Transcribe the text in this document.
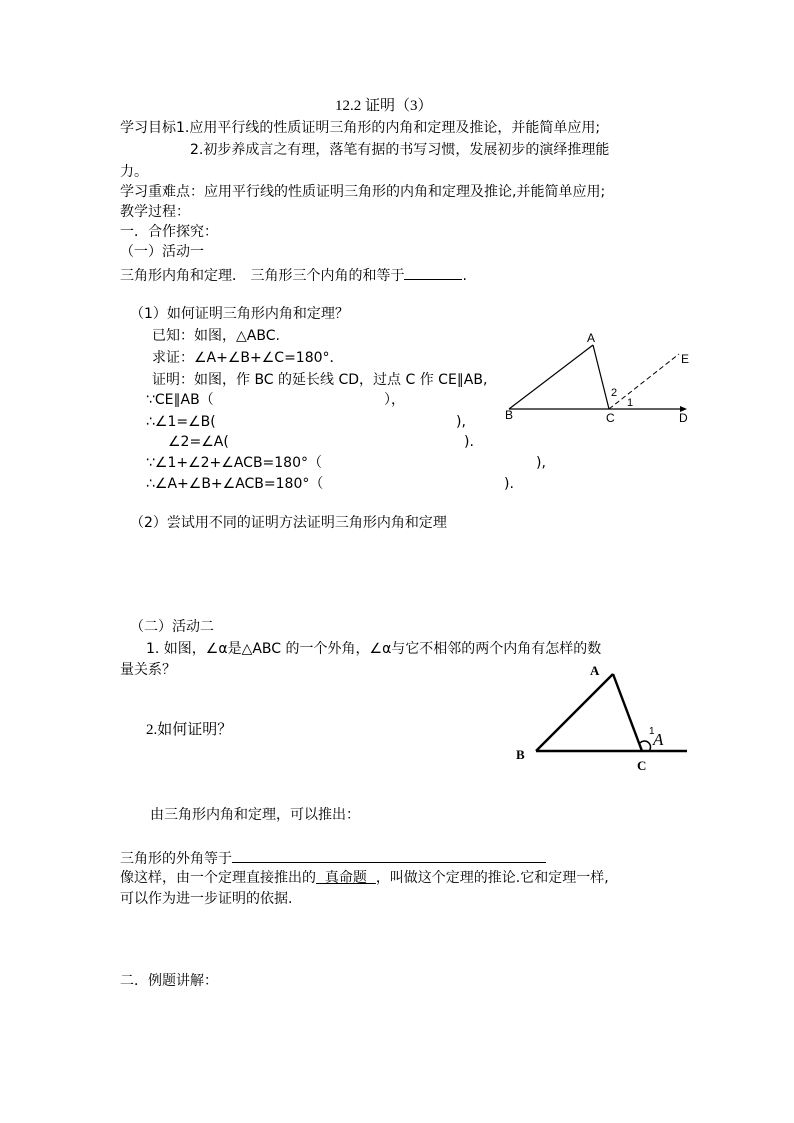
12.2 证明（3）
学习目标1.应用平行线的性质证明三角形的内角和定理及推论，并能简单应用;
2.初步养成言之有理，落笔有据的书写习惯，发展初步的演绎推理能
力。
学习重难点：应用平行线的性质证明三角形的内角和定理及推论,并能简单应用;
教学过程：
一．合作探究：
（一）活动一
三角形内角和定理． 三角形三个内角的和等于	.
（1）如何证明三角形内角和定理？
已知：如图，△ABC.
求证：∠A+∠B+∠C=180°．
证明：如图，作 BC 的延长线 CD，过点 C 作 CE∥AB,
∵CE∥AB（	），
∴∠1=∠B(	),
∠2=∠A(	).
∵∠1+∠2+∠ACB=180°（	),
∴∠A+∠B+∠ACB=180°（	).
A
B	C	D
E
2
1
（2）尝试用不同的证明方法证明三角形内角和定理
（二）活动二
1. 如图，∠α是△ABC 的一个外角，∠α与它不相邻的两个内角有怎样的数
量关系？
2.如何证明？
A
B
C
1
A
由三角形内角和定理，可以推出：
三角形的外角等于
像这样，由一个定理直接推出的  真命题  ，叫做这个定理的推论.它和定理一样,
可以作为进一步证明的依据.
二．例题讲解：
